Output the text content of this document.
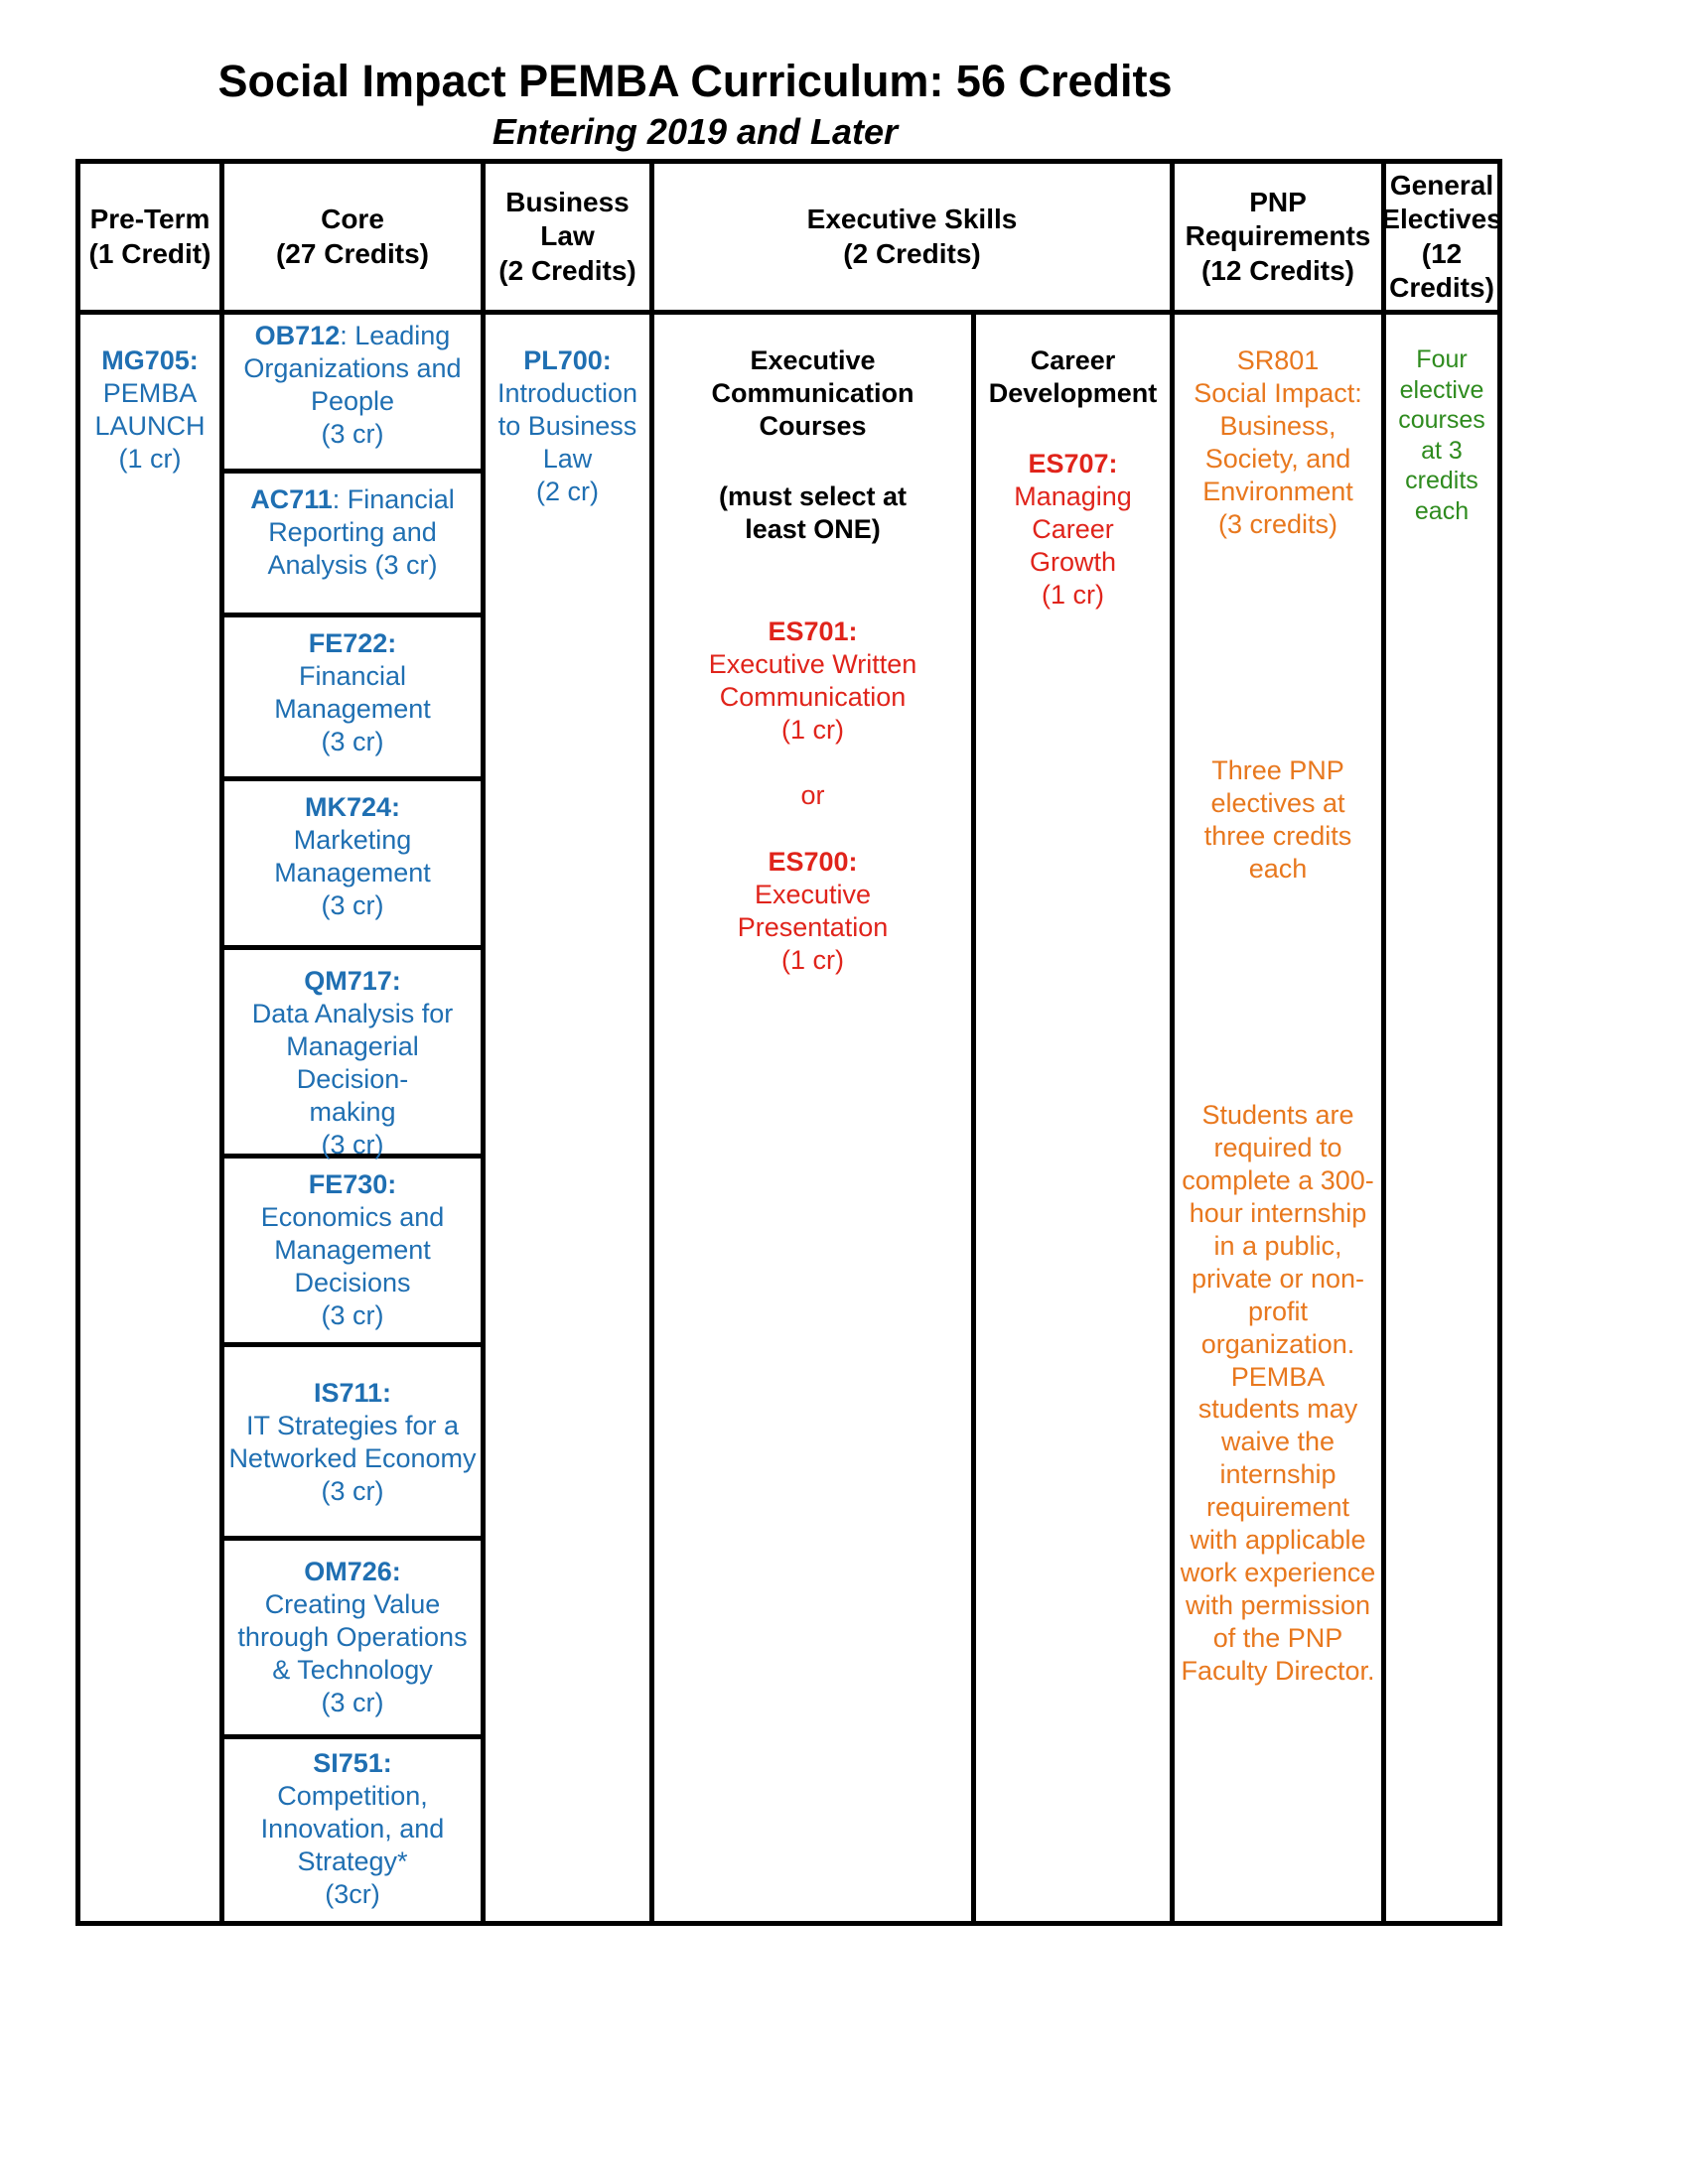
Social Impact PEMBA Curriculum: 56 Credits
Entering 2019 and Later
Pre-Term
(1 Credit)
Core
(27 Credits)
Business
Law
(2 Credits)
Executive Skills
(2 Credits)
PNP
Requirements
(12 Credits)
General
Electives
(12 Credits)
MG705:
PEMBA
LAUNCH
(1 cr)
OB712: Leading
Organizations and
People
(3 cr)
AC711: Financial
Reporting and
Analysis (3 cr)
FE722:
Financial
Management
(3 cr)
MK724:
Marketing
Management
(3 cr)
QM717:
Data Analysis for
Managerial Decision-
making
(3 cr)
FE730:
Economics and
Management
Decisions
(3 cr)
IS711:
IT Strategies for a
Networked Economy
(3 cr)
OM726:
Creating Value
through Operations
& Technology
(3 cr)
SI751:
Competition,
Innovation, and
Strategy*
(3cr)
PL700:
Introduction
to Business
Law
(2 cr)
Executive
Communication
Courses
(must select at
least ONE)
ES701:
Executive Written
Communication
(1 cr)
or
ES700:
Executive
Presentation
(1 cr)
Career
Development
ES707:
Managing
Career
Growth
(1 cr)
SR801
Social Impact:
Business,
Society, and
Environment
(3 credits)
Three PNP
electives at
three credits
each
Students are
required to
complete a 300-
hour internship
in a public,
private or non-
profit
organization.
PEMBA
students may
waive the
internship
requirement
with applicable
work experience
with permission
of the PNP
Faculty Director.
Four elective
courses at 3
credits each
